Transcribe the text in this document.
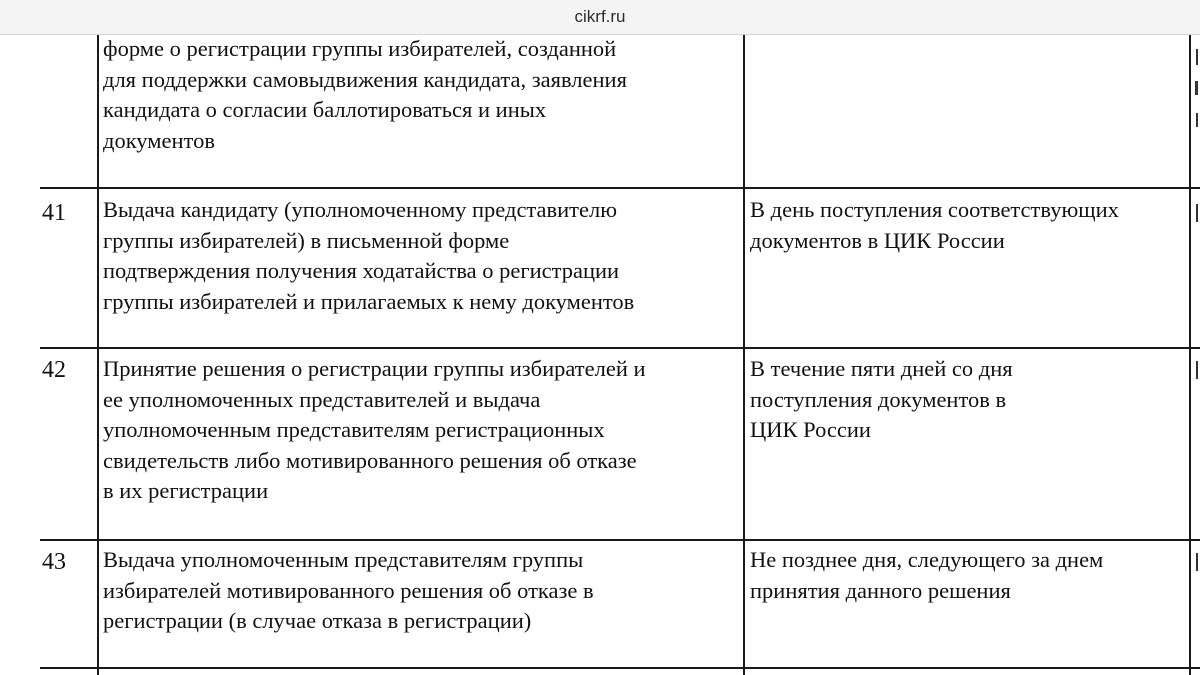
cikrf.ru

форме о регистрации группы избирателей, созданной
для поддержки самовыдвижения кандидата, заявления
кандидата о согласии баллотироваться и иных
документов

41 Выдача кандидату (уполномоченному представителю
группы избирателей) в письменной форме
подтверждения получения ходатайства о регистрации
группы избирателей и прилагаемых к нему документов

В день поступления соответствующих
документов в ЦИК России

42 Принятие решения о регистрации группы избирателей и
ее уполномоченных представителей и выдача
уполномоченным представителям регистрационных
свидетельств либо мотивированного решения об отказе
в их регистрации

В течение пяти дней со дня
поступления документов в
ЦИК России

43 Выдача уполномоченным представителям группы
избирателей мотивированного решения об отказе в
регистрации (в случае отказа в регистрации)

Не позднее дня, следующего за днем
принятия данного решения
